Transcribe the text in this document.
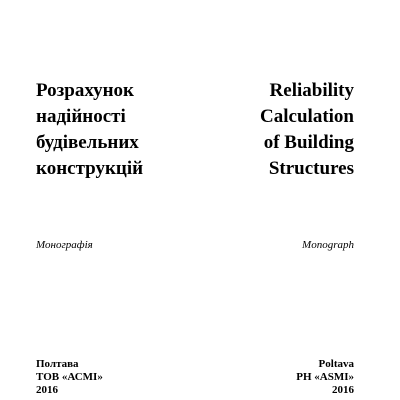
Розрахунок
надійності
будівельних
конструкцій
Монографія
Полтава
ТОВ «АСМІ»
2016
Reliability
Calculation
of Building
Structures
Monograph
Poltava
PH «ASMI»
2016
